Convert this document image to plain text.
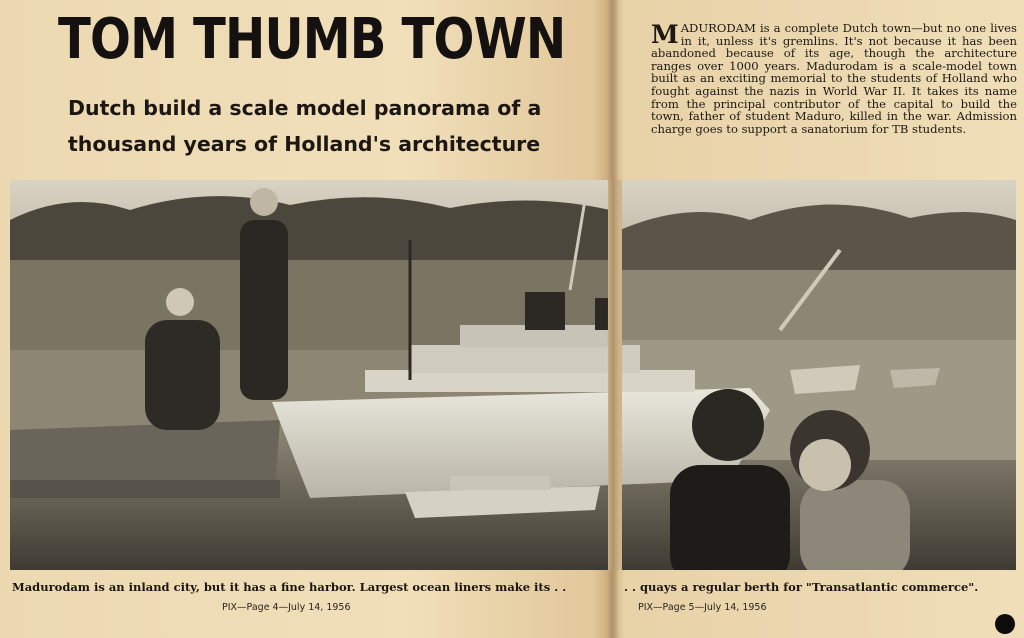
TOM THUMB TOWN
Dutch build a scale model panorama of a
thousand years of Holland's architecture
MADURODAM is a complete Dutch town—but no one lives in it, unless it's gremlins. It's not because it has been abandoned because of its age, though the architecture ranges over 1000 years. Madurodam is a scale-model town built as an exciting memorial to the students of Holland who fought against the nazis in World War II. It takes its name from the principal contributor of the capital to build the town, father of student Maduro, killed in the war. Admission charge goes to support a sanatorium for TB students.
Madurodam is an inland city, but it has a fine harbor. Largest ocean liners make its . .	. . quays a regular berth for "Transatlantic commerce".
PIX—Page 4—July 14, 1956	PIX—Page 5—July 14, 1956
